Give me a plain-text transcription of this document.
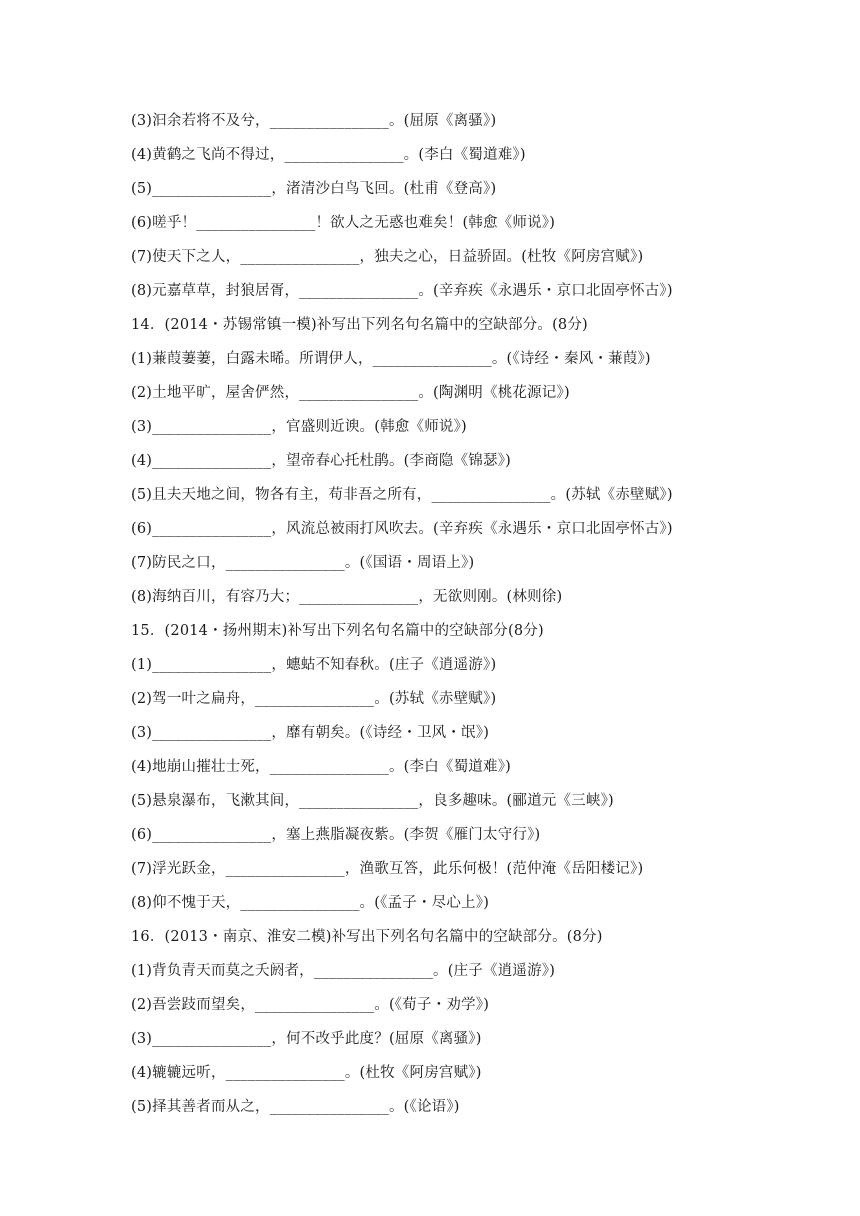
(3)汩余若将不及兮，________________。(屈原《离骚》)
(4)黄鹤之飞尚不得过，________________。(李白《蜀道难》)
(5)________________，渚清沙白鸟飞回。(杜甫《登高》)
(6)嗟乎！________________！欲人之无惑也难矣！(韩愈《师说》)
(7)使天下之人，________________，独夫之心，日益骄固。(杜牧《阿房宫赋》)
(8)元嘉草草，封狼居胥，________________。(辛弃疾《永遇乐・京口北固亭怀古》)
14．(2014・苏锡常镇一模)补写出下列名句名篇中的空缺部分。(8分)
(1)蒹葭萋萋，白露未晞。所谓伊人，________________。(《诗经・秦风・蒹葭》)
(2)土地平旷，屋舍俨然，________________。(陶渊明《桃花源记》)
(3)________________，官盛则近谀。(韩愈《师说》)
(4)________________，望帝春心托杜鹃。(李商隐《锦瑟》)
(5)且夫天地之间，物各有主，苟非吾之所有，________________。(苏轼《赤壁赋》)
(6)________________，风流总被雨打风吹去。(辛弃疾《永遇乐・京口北固亭怀古》)
(7)防民之口，________________。(《国语・周语上》)
(8)海纳百川，有容乃大；________________，无欲则刚。(林则徐)
15．(2014・扬州期末)补写出下列名句名篇中的空缺部分(8分)
(1)________________，蟪蛄不知春秋。(庄子《逍遥游》)
(2)驾一叶之扁舟，________________。(苏轼《赤壁赋》)
(3)________________，靡有朝矣。(《诗经・卫风・氓》)
(4)地崩山摧壮士死，________________。(李白《蜀道难》)
(5)悬泉瀑布，飞漱其间，________________，良多趣味。(郦道元《三峡》)
(6)________________，塞上燕脂凝夜紫。(李贺《雁门太守行》)
(7)浮光跃金，________________，渔歌互答，此乐何极！(范仲淹《岳阳楼记》)
(8)仰不愧于天，________________。(《孟子・尽心上》)
16．(2013・南京、淮安二模)补写出下列名句名篇中的空缺部分。(8分)
(1)背负青天而莫之夭阏者，________________。(庄子《逍遥游》)
(2)吾尝跂而望矣，________________。(《荀子・劝学》)
(3)________________，何不改乎此度？(屈原《离骚》)
(4)辘辘远听，________________。(杜牧《阿房宫赋》)
(5)择其善者而从之，________________。(《论语》)
